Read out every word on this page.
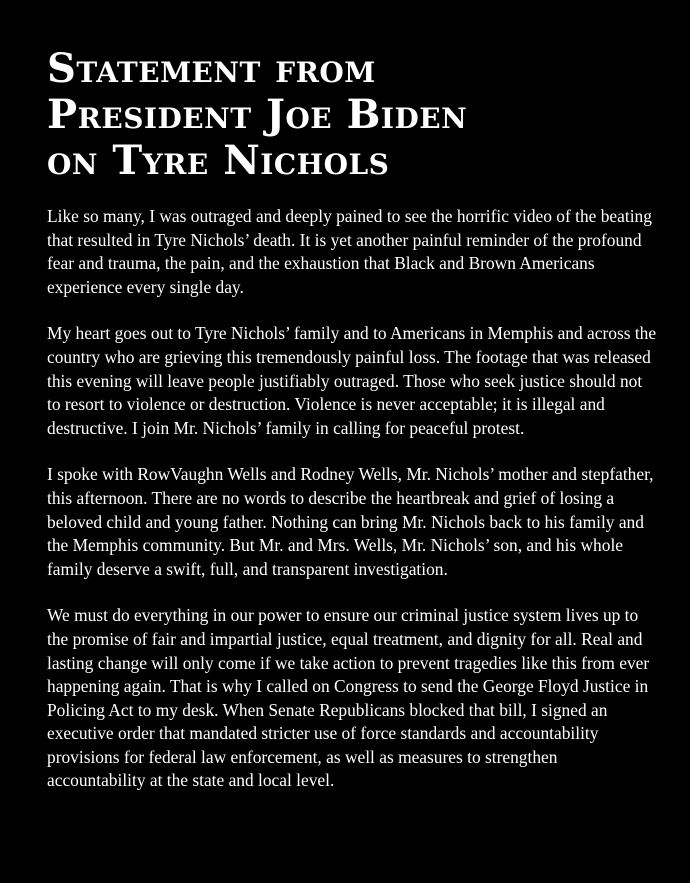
Statement from
President Joe Biden
on Tyre Nichols

Like so many, I was outraged and deeply pained to see the horrific video of the beating that resulted in Tyre Nichols’ death. It is yet another painful reminder of the profound fear and trauma, the pain, and the exhaustion that Black and Brown Americans experience every single day.

My heart goes out to Tyre Nichols’ family and to Americans in Memphis and across the country who are grieving this tremendously painful loss. The footage that was released this evening will leave people justifiably outraged. Those who seek justice should not to resort to violence or destruction. Violence is never acceptable; it is illegal and destructive. I join Mr. Nichols’ family in calling for peaceful protest.

I spoke with RowVaughn Wells and Rodney Wells, Mr. Nichols’ mother and stepfather, this afternoon. There are no words to describe the heartbreak and grief of losing a beloved child and young father. Nothing can bring Mr. Nichols back to his family and the Memphis community. But Mr. and Mrs. Wells, Mr. Nichols’ son, and his whole family deserve a swift, full, and transparent investigation.

We must do everything in our power to ensure our criminal justice system lives up to the promise of fair and impartial justice, equal treatment, and dignity for all. Real and lasting change will only come if we take action to prevent tragedies like this from ever happening again. That is why I called on Congress to send the George Floyd Justice in Policing Act to my desk. When Senate Republicans blocked that bill, I signed an executive order that mandated stricter use of force standards and accountability provisions for federal law enforcement, as well as measures to strengthen accountability at the state and local level.
